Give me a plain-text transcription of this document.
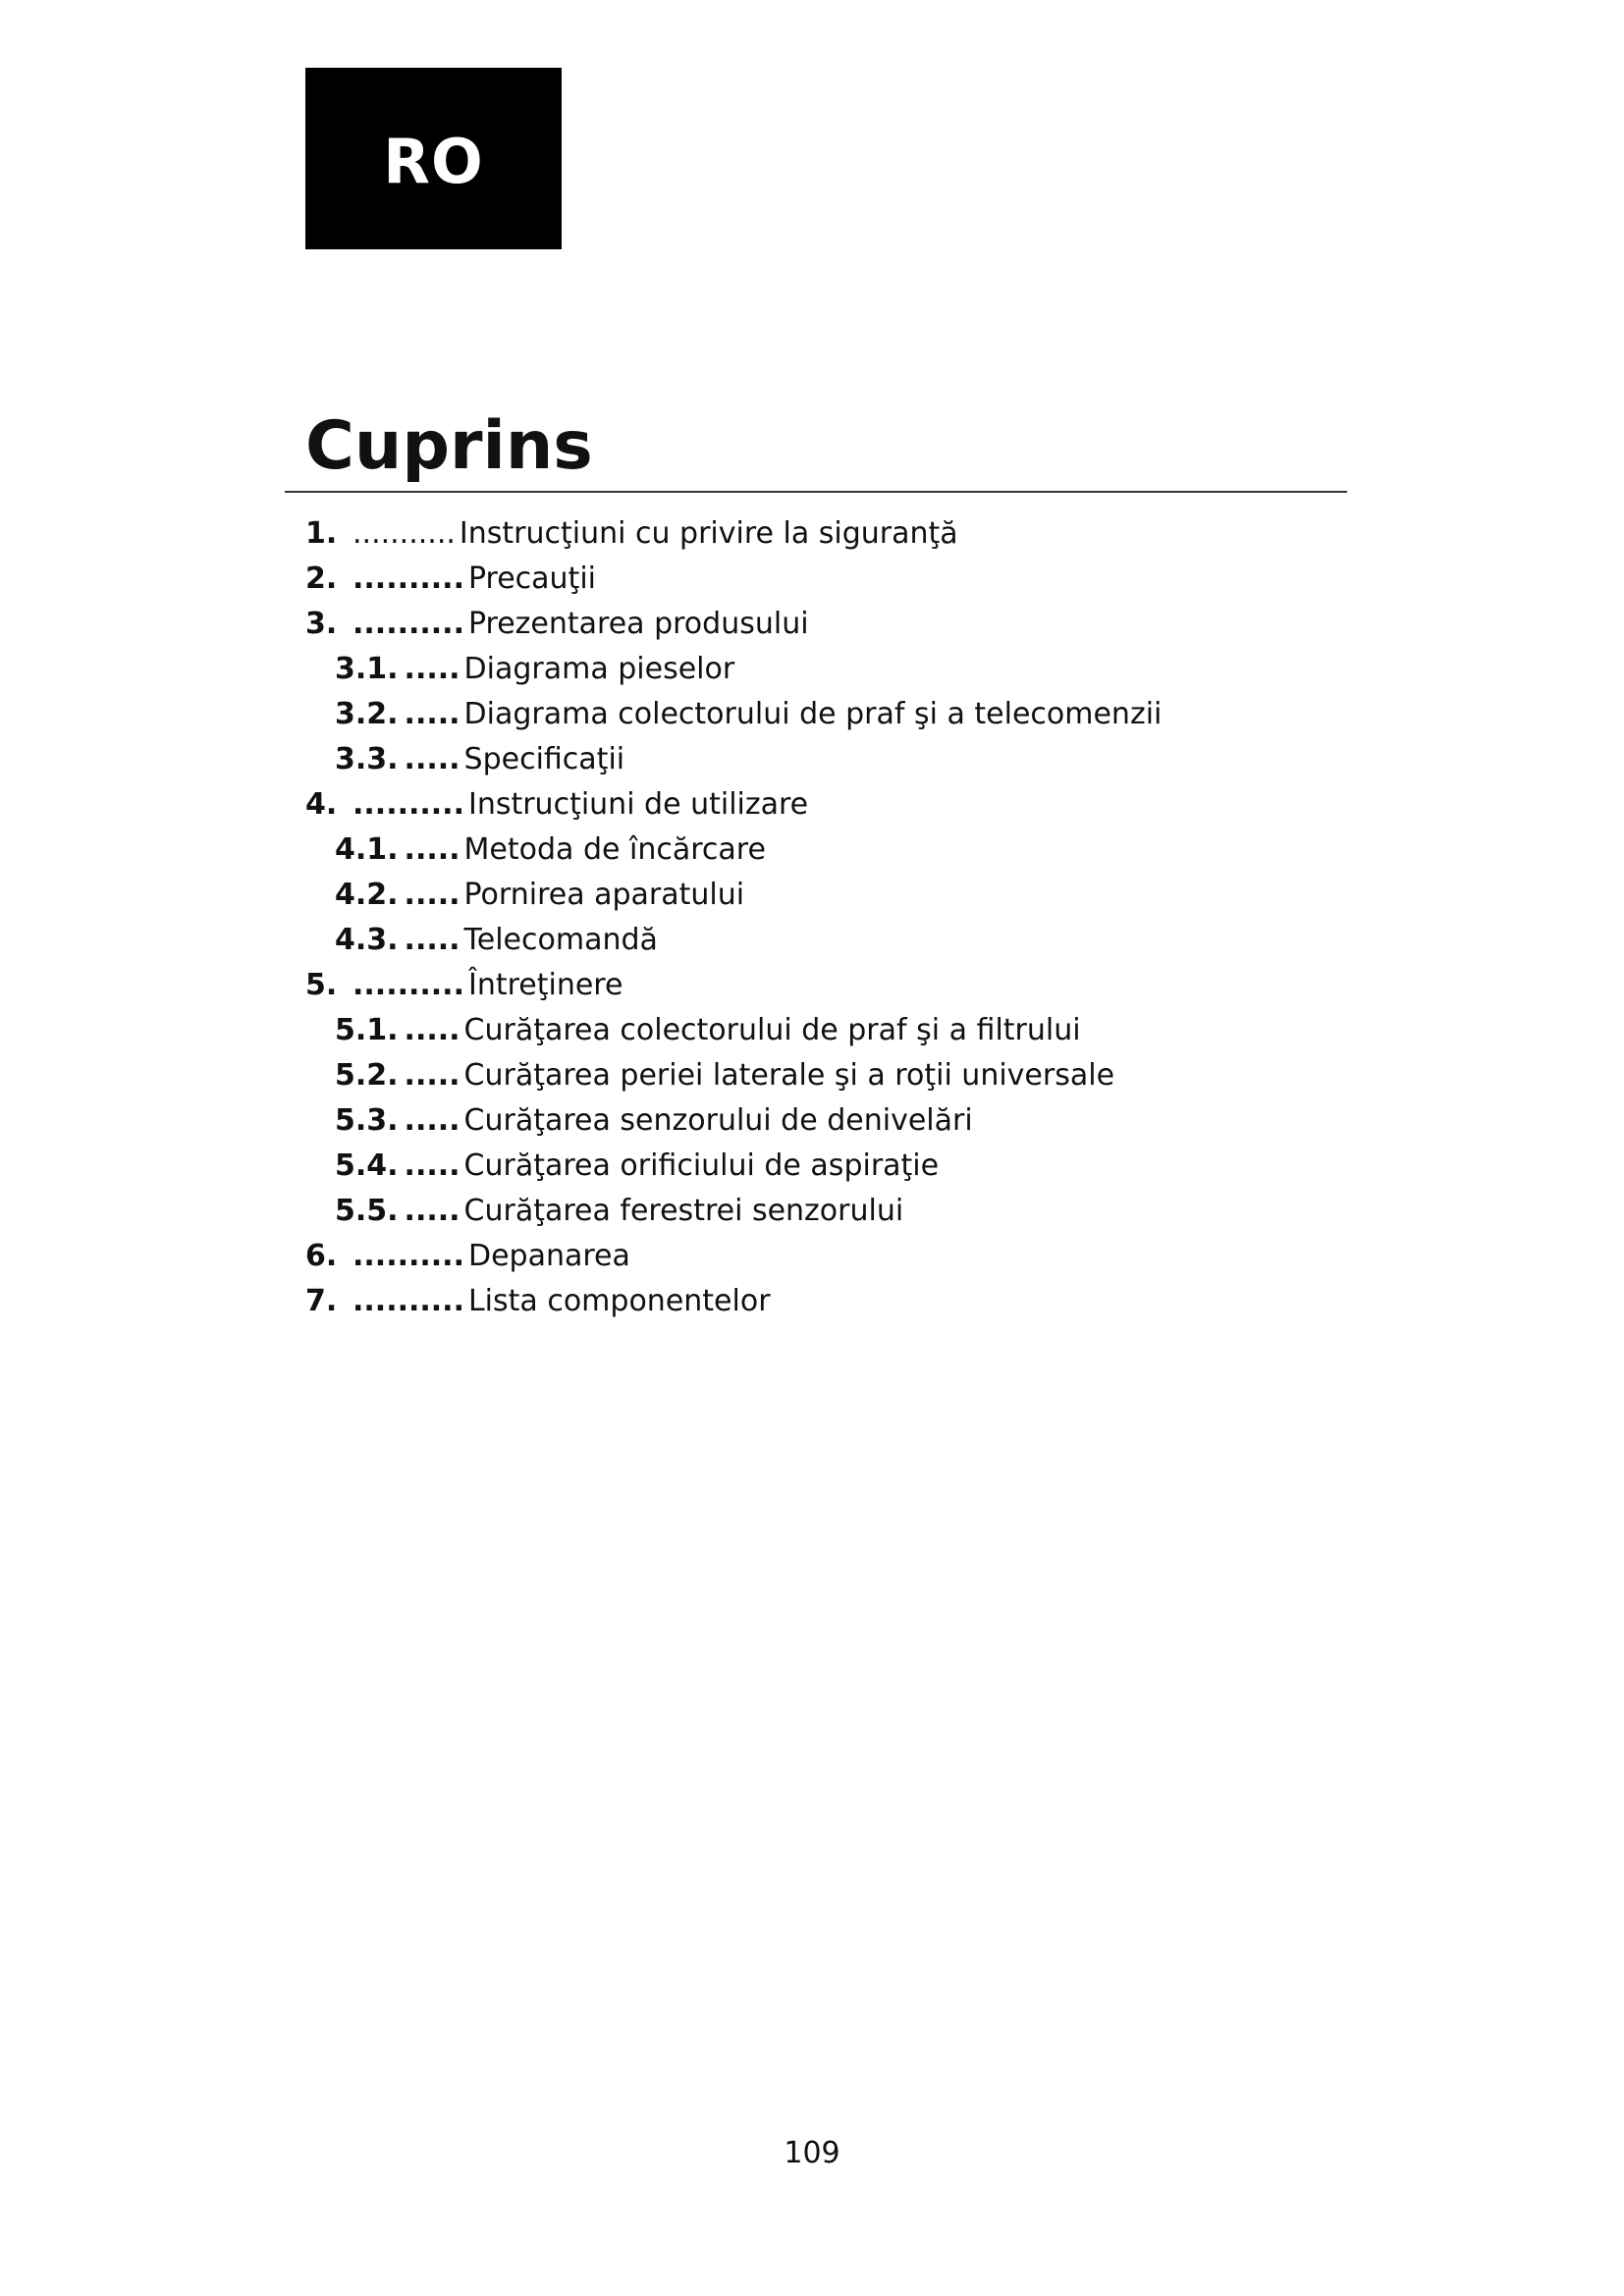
RO
Cuprins
1. ........... Instrucţiuni cu privire la siguranţă
2. .......... Precauţii
3. .......... Prezentarea produsului
3.1. ..... Diagrama pieselor
3.2. ..... Diagrama colectorului de praf şi a telecomenzii
3.3. ..... Specificaţii
4. .......... Instrucţiuni de utilizare
4.1. ..... Metoda de încărcare
4.2. ..... Pornirea aparatului
4.3. ..... Telecomandă
5. .......... Întreţinere
5.1. ..... Curăţarea colectorului de praf şi a filtrului
5.2. ..... Curăţarea periei laterale şi a roţii universale
5.3. ..... Curăţarea senzorului de denivelări
5.4. ..... Curăţarea orificiului de aspiraţie
5.5. ..... Curăţarea ferestrei senzorului
6. .......... Depanarea
7. .......... Lista componentelor
109
